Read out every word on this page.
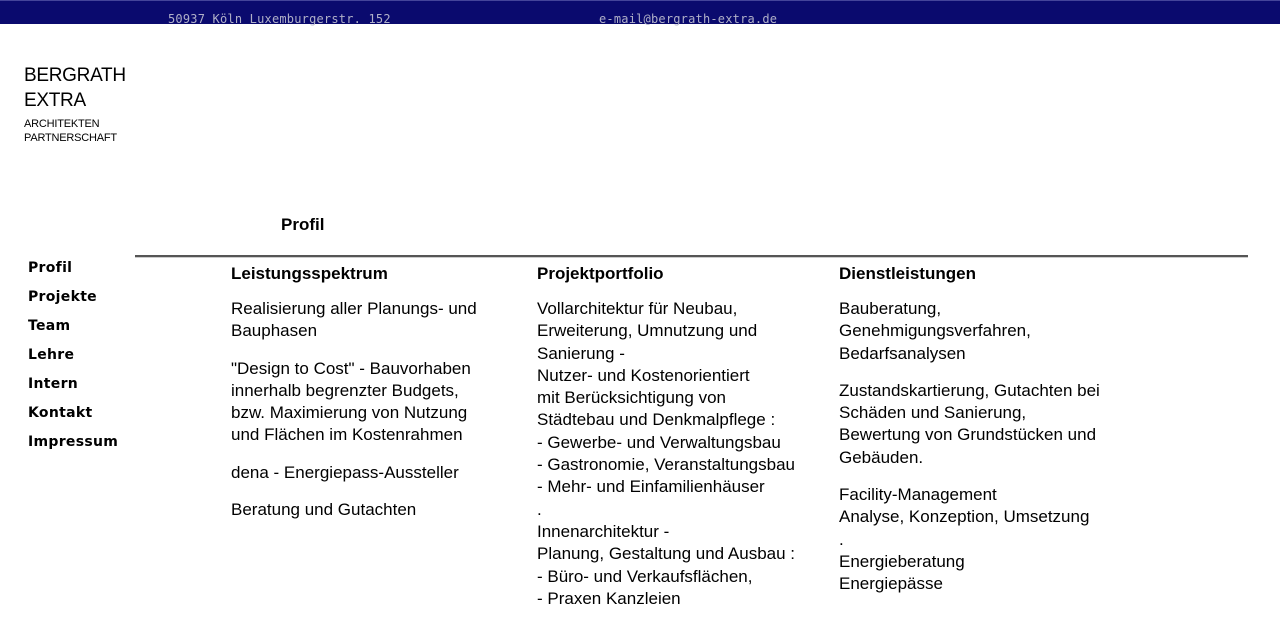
50937 Köln Luxemburgerstr. 152	e-mail@bergrath-extra.de
BERGRATH
EXTRA
ARCHITEKTEN
PARTNERSCHAFT
Profil
Profil
Projekte
Team
Lehre
Intern
Kontakt
Impressum
Leistungsspektrum

Realisierung aller Planungs- und
Bauphasen

"Design to Cost" - Bauvorhaben
innerhalb begrenzter Budgets,
bzw. Maximierung von Nutzung
und Flächen im Kostenrahmen

dena - Energiepass-Aussteller

Beratung und Gutachten

Projektportfolio

Vollarchitektur für Neubau,
Erweiterung, Umnutzung und
Sanierung -
Nutzer- und Kostenorientiert
mit Berücksichtigung von
Städtebau und Denkmalpflege :
- Gewerbe- und Verwaltungsbau
- Gastronomie, Veranstaltungsbau
- Mehr- und Einfamilienhäuser
.
Innenarchitektur -
Planung, Gestaltung und Ausbau :
- Büro- und Verkaufsflächen,
- Praxen Kanzleien

Dienstleistungen

Bauberatung,
Genehmigungsverfahren,
Bedarfsanalysen

Zustandskartierung, Gutachten bei
Schäden und Sanierung,
Bewertung von Grundstücken und
Gebäuden.

Facility-Management
Analyse, Konzeption, Umsetzung
.
Energieberatung
Energiepässe
